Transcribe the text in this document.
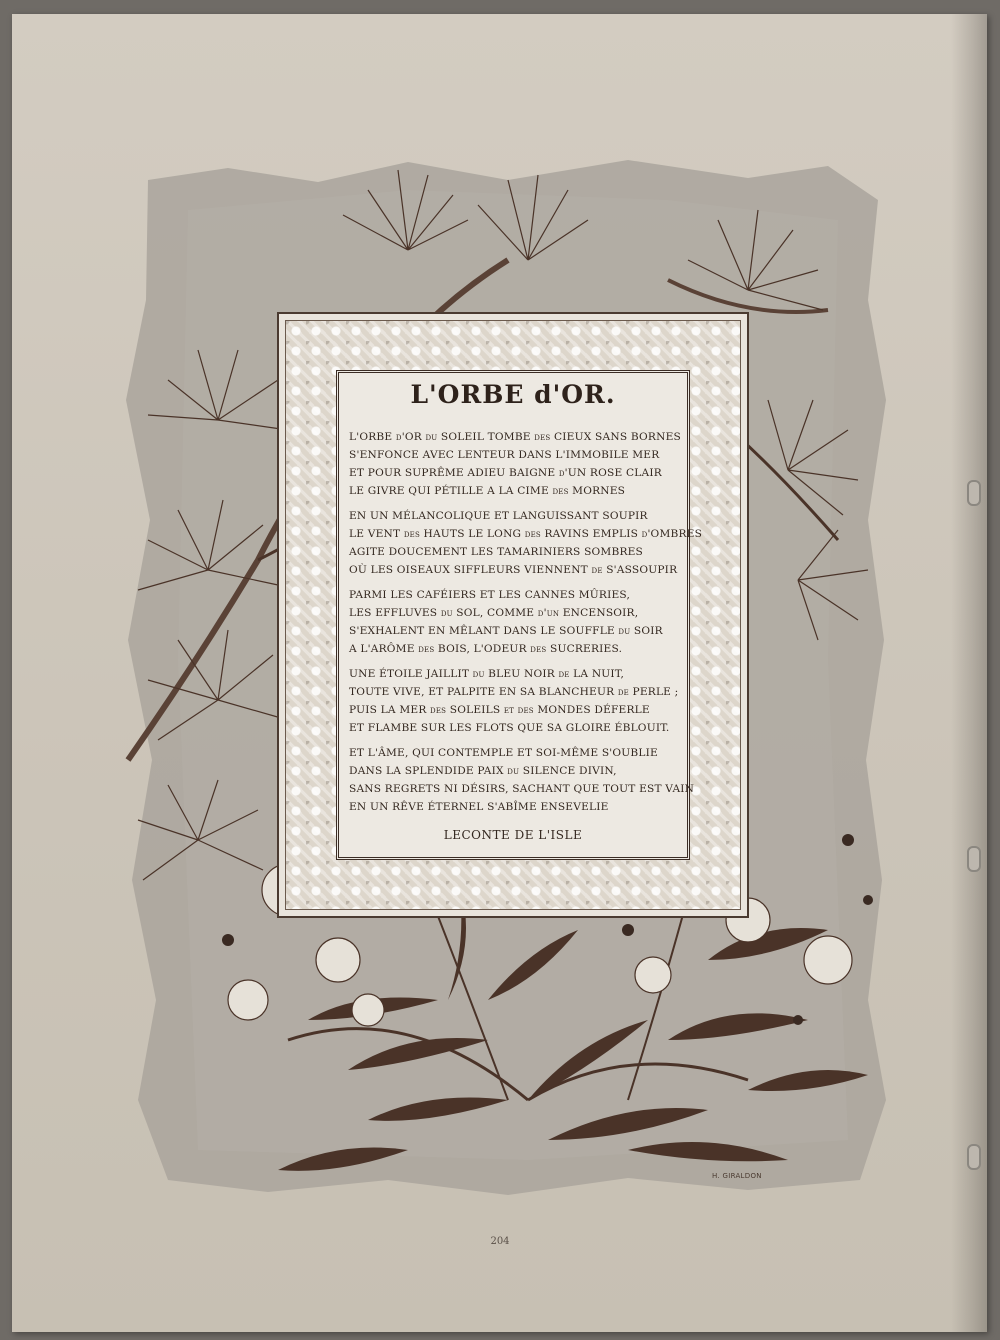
L'ORBE d'OR.
L'ORBE d'OR du SOLEIL TOMBE des CIEUX SANS BORNES
S'ENFONCE AVEC LENTEUR DANS L'IMMOBILE MER
ET POUR SUPRÊME ADIEU BAIGNE d'UN ROSE CLAIR
LE GIVRE QUI PÉTILLE A LA CIME des MORNES
EN UN MÉLANCOLIQUE ET LANGUISSANT SOUPIR
LE VENT des HAUTS LE LONG des RAVINS EMPLIS d'OMBRES
AGITE DOUCEMENT LES TAMARINIERS SOMBRES
OÙ LES OISEAUX SIFFLEURS VIENNENT de S'ASSOUPIR
PARMI LES CAFÉIERS ET LES CANNES MÛRIES,
LES EFFLUVES du SOL, COMME d'un ENCENSOIR,
S'EXHALENT EN MÊLANT DANS LE SOUFFLE du SOIR
A L'ARÔME des BOIS, L'ODEUR des SUCRERIES.
UNE ÉTOILE JAILLIT du BLEU NOIR de LA NUIT,
TOUTE VIVE, ET PALPITE EN SA BLANCHEUR de PERLE ;
PUIS LA MER des SOLEILS et des MONDES DÉFERLE
ET FLAMBE SUR LES FLOTS QUE SA GLOIRE ÉBLOUIT.
ET L'ÂME, QUI CONTEMPLE ET SOI-MÊME S'OUBLIE
DANS LA SPLENDIDE PAIX du SILENCE DIVIN,
SANS REGRETS NI DÉSIRS, SACHANT QUE TOUT EST VAIN
EN UN RÊVE ÉTERNEL S'ABÎME ENSEVELIE
LECONTE DE L'ISLE
H. GIRALDON
204
